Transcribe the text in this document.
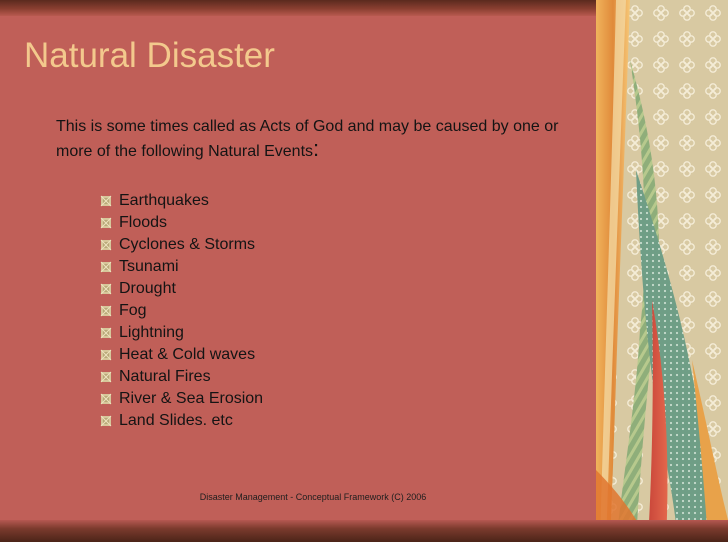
Natural Disaster

This is some times called as Acts of God and may be caused by one or more of the following Natural Events:

Earthquakes
Floods
Cyclones & Storms
Tsunami
Drought
Fog
Lightning
Heat & Cold waves
Natural Fires
River & Sea Erosion
Land Slides. etc
Disaster Management - Conceptual Framework (C) 2006
